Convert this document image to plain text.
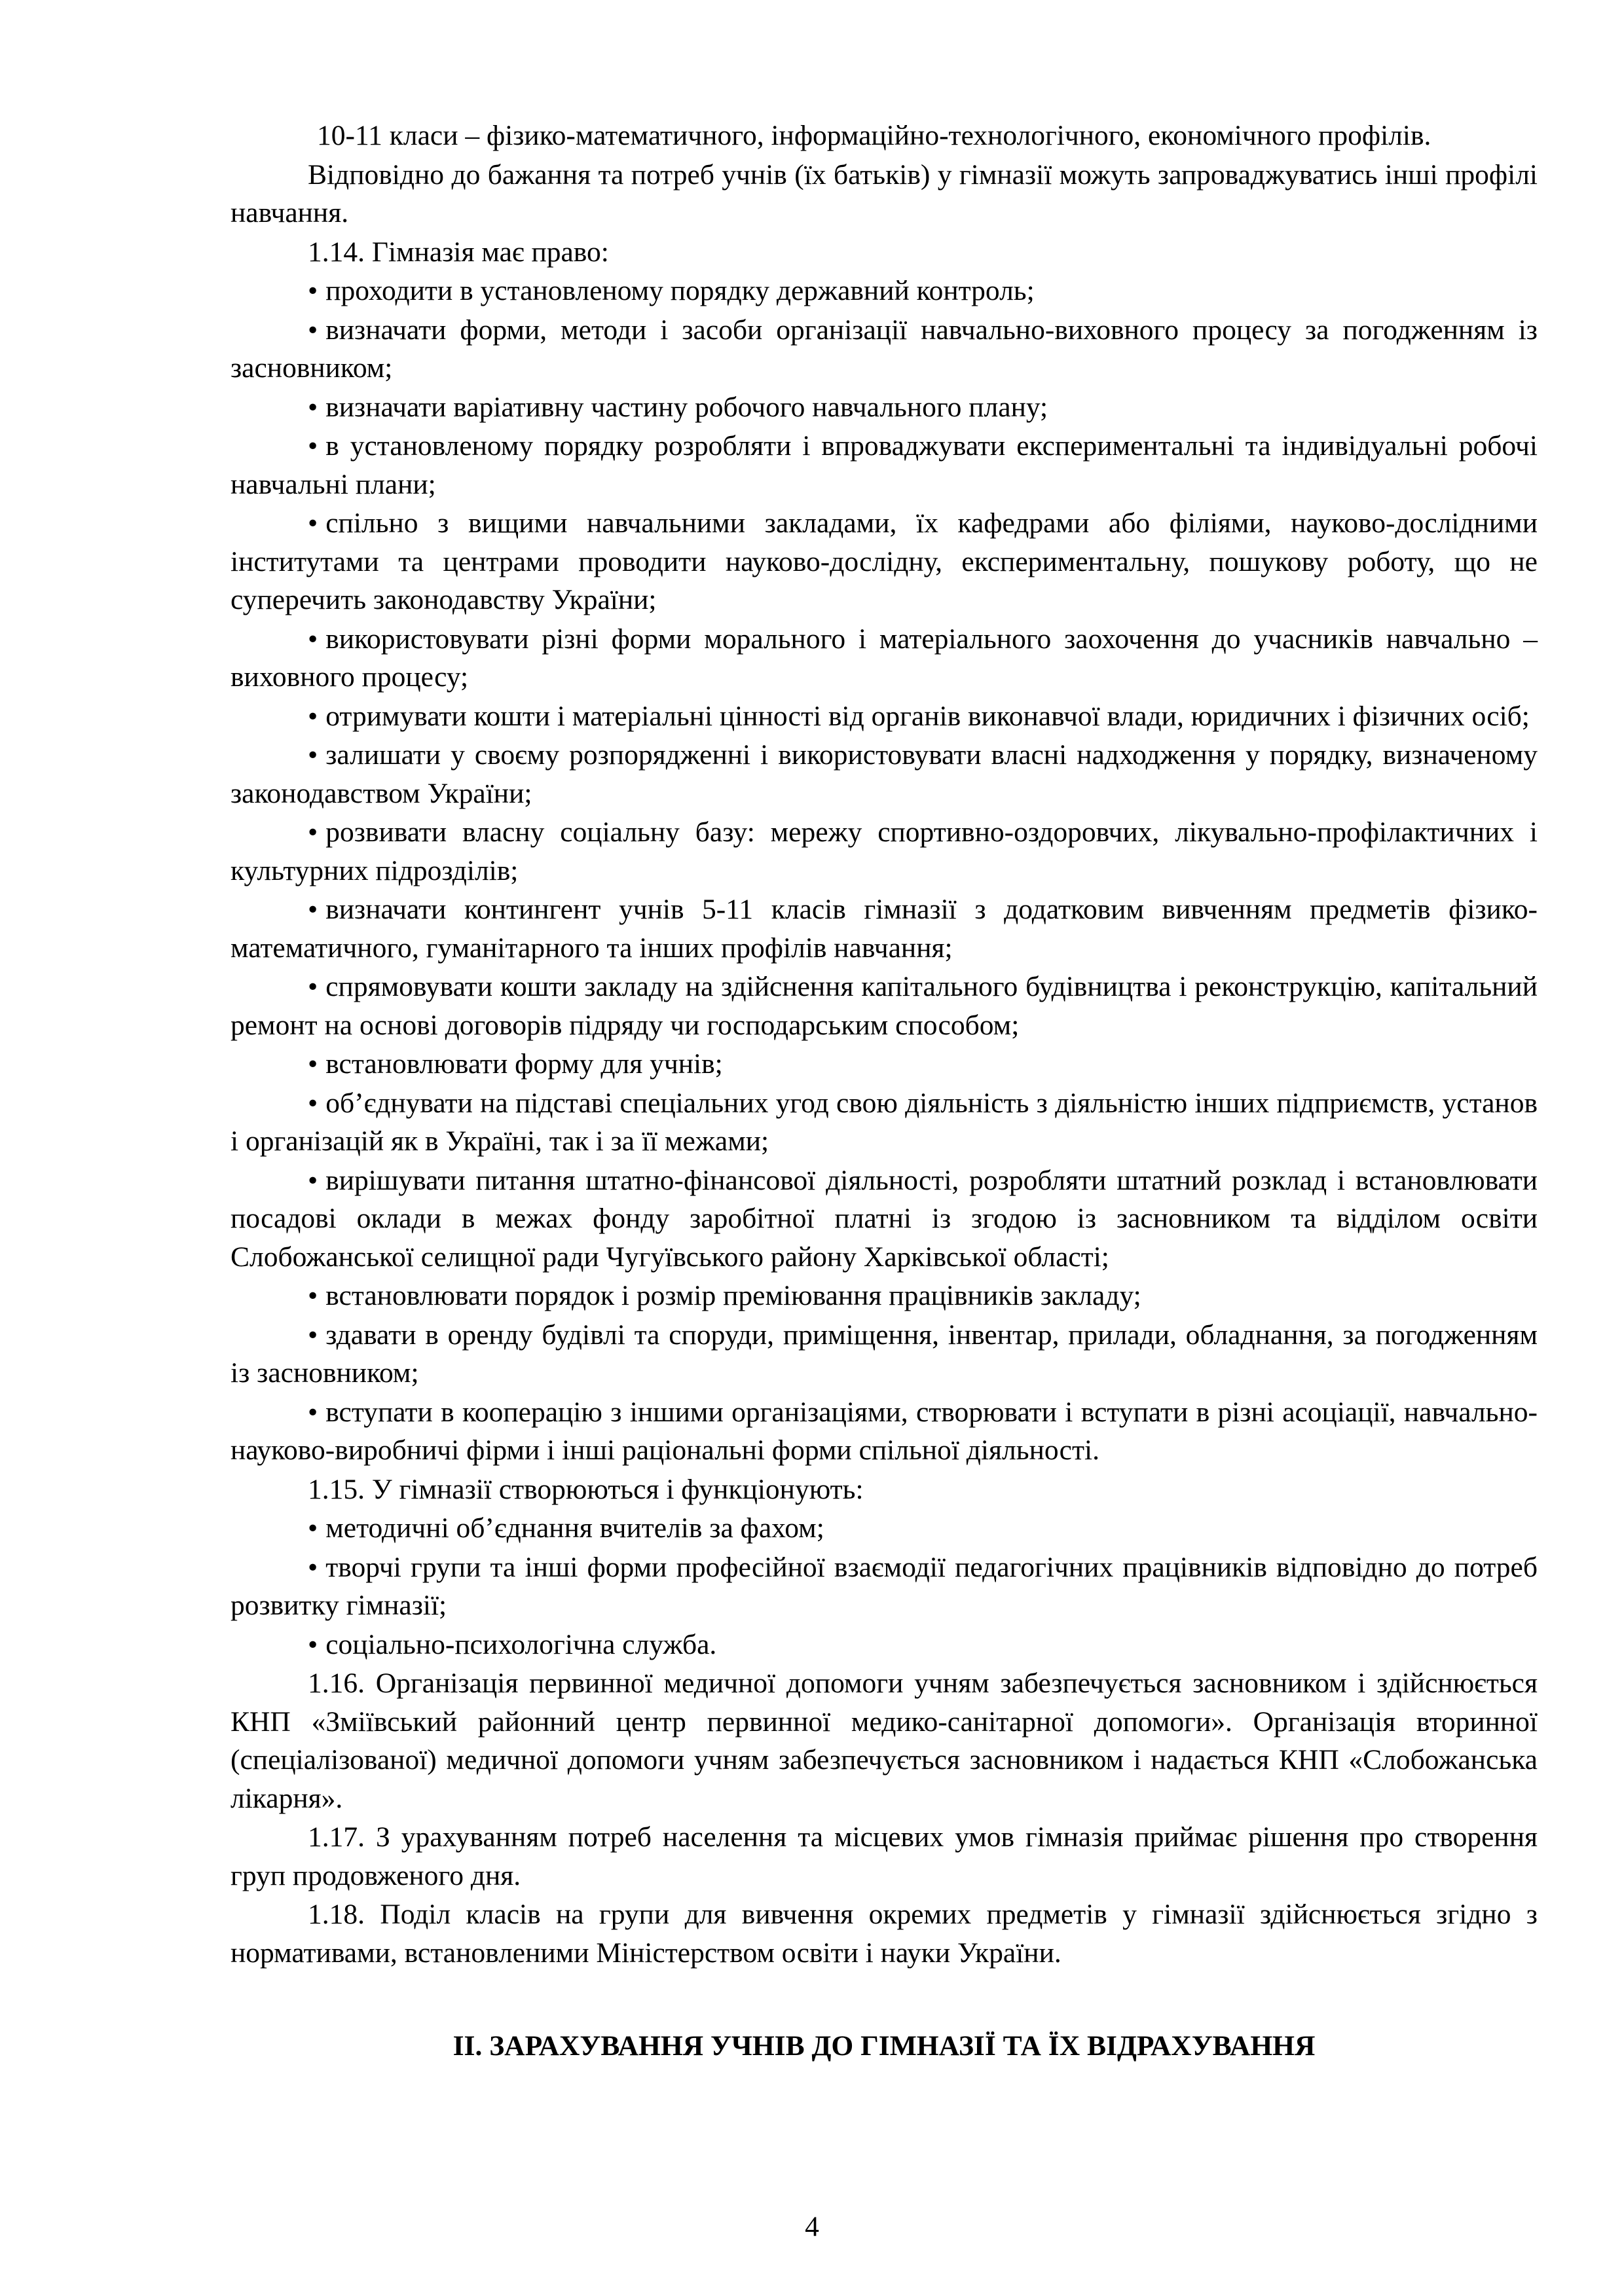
10-11 класи – фізико-математичного, інформаційно-технологічного, економічного профілів.

Відповідно до бажання та потреб учнів (їх батьків) у гімназії можуть запроваджуватись інші профілі навчання.

1.14. Гімназія має право:

• проходити в установленому порядку державний контроль;

• визначати форми, методи і засоби організації навчально-виховного процесу за погодженням із засновником;

• визначати варіативну частину робочого навчального плану;

• в установленому порядку розробляти і впроваджувати експериментальні та індивідуальні робочі навчальні плани;

• спільно з вищими навчальними закладами, їх кафедрами або філіями, науково-дослідними інститутами та центрами проводити науково-дослідну, експериментальну, пошукову роботу, що не суперечить законодавству України;

• використовувати різні форми морального і матеріального заохочення до учасників навчально – виховного процесу;

• отримувати кошти і матеріальні цінності від органів виконавчої влади, юридичних і фізичних осіб;

• залишати у своєму розпорядженні і використовувати власні надходження у порядку, визначеному законодавством України;

• розвивати власну соціальну базу: мережу спортивно-оздоровчих, лікувально-профілактичних і культурних підрозділів;

• визначати контингент учнів 5-11 класів гімназії з додатковим вивченням предметів фізико-математичного, гуманітарного та інших профілів навчання;

• спрямовувати кошти закладу на здійснення капітального будівництва і реконструкцію, капітальний ремонт на основі договорів підряду чи господарським способом;

• встановлювати форму для учнів;

• об’єднувати на підставі спеціальних угод свою діяльність з діяльністю інших підприємств, установ і організацій як в Україні, так і за її межами;

• вирішувати питання штатно-фінансової діяльності, розробляти штатний розклад і встановлювати посадові оклади в межах фонду заробітної платні із згодою із засновником та відділом освіти Слобожанської селищної ради Чугуївського району Харківської області;

• встановлювати порядок і розмір преміювання працівників закладу;

• здавати в оренду будівлі та споруди, приміщення, інвентар, прилади, обладнання, за погодженням із засновником;

• вступати в кооперацію з іншими організаціями, створювати і вступати в різні асоціації, навчально-науково-виробничі фірми і інші раціональні форми спільної діяльності.

1.15. У гімназії створюються і функціонують:

• методичні об’єднання вчителів за фахом;

• творчі групи та інші форми професійної взаємодії педагогічних працівників відповідно до потреб розвитку гімназії;

• соціально-психологічна служба.

1.16. Організація первинної медичної допомоги учням забезпечується засновником і здійснюється КНП «Зміївський районний центр первинної медико-санітарної допомоги». Організація вторинної (спеціалізованої) медичної допомоги учням забезпечується засновником і надається КНП «Слобожанська лікарня».

1.17. З урахуванням потреб населення та місцевих умов гімназія приймає рішення про створення груп продовженого дня.

1.18. Поділ класів на групи для вивчення окремих предметів у гімназії здійснюється згідно з нормативами, встановленими Міністерством освіти і науки України.

ІІ. ЗАРАХУВАННЯ УЧНІВ ДО ГІМНАЗІЇ ТА ЇХ ВІДРАХУВАННЯ
4
